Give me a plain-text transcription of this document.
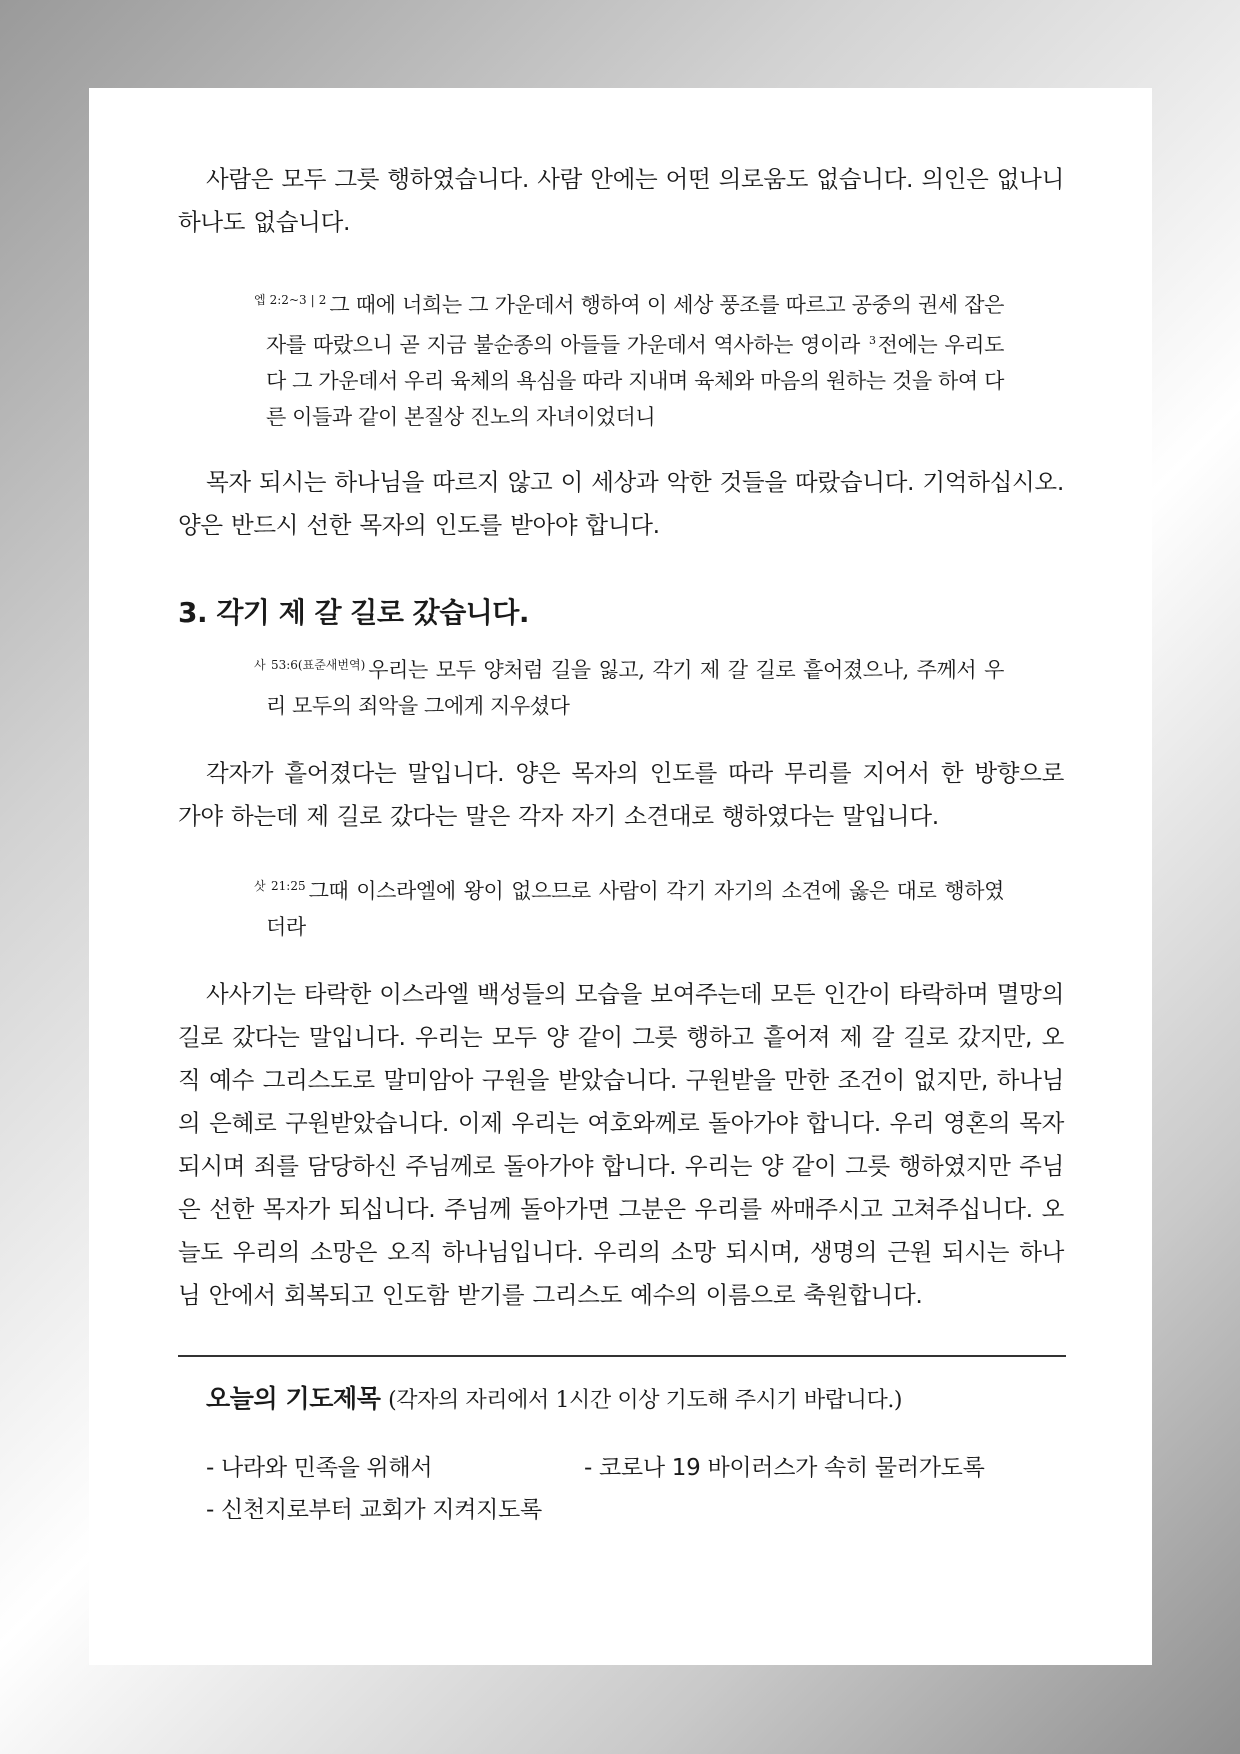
사람은 모두 그릇 행하였습니다. 사람 안에는 어떤 의로움도 없습니다. 의인은 없나니 하나도 없습니다.

$^{엡 2:2\sim 3 | 2}$ 그 때에 너희는 그 가운데서 행하여 이 세상 풍조를 따르고 공중의 권세 잡은 자를 따랐으니 곧 지금 불순종의 아들들 가운데서 역사하는 영이라 $^3$전에는 우리도 다 그 가운데서 우리 육체의 욕심을 따라 지내며 육체와 마음의 원하는 것을 하여 다른 이들과 같이 본질상 진노의 자녀이었더니

목자 되시는 하나님을 따르지 않고 이 세상과 악한 것들을 따랐습니다. 기억하십시오. 양은 반드시 선한 목자의 인도를 받아야 합니다.

3. 각기 제 갈 길로 갔습니다.

$^{사 53:6(표준새번역)}$ 우리는 모두 양처럼 길을 잃고, 각기 제 갈 길로 흩어졌으나, 주께서 우리 모두의 죄악을 그에게 지우셨다

각자가 흩어졌다는 말입니다. 양은 목자의 인도를 따라 무리를 지어서 한 방향으로 가야 하는데 제 길로 갔다는 말은 각자 자기 소견대로 행하였다는 말입니다.

$^{삿 21:25}$ 그때 이스라엘에 왕이 없으므로 사람이 각기 자기의 소견에 옳은 대로 행하였더라

사사기는 타락한 이스라엘 백성들의 모습을 보여주는데 모든 인간이 타락하며 멸망의 길로 갔다는 말입니다. 우리는 모두 양 같이 그릇 행하고 흩어져 제 갈 길로 갔지만, 오직 예수 그리스도로 말미암아 구원을 받았습니다. 구원받을 만한 조건이 없지만, 하나님의 은혜로 구원받았습니다. 이제 우리는 여호와께로 돌아가야 합니다. 우리 영혼의 목자 되시며 죄를 담당하신 주님께로 돌아가야 합니다. 우리는 양 같이 그릇 행하였지만 주님은 선한 목자가 되십니다. 주님께 돌아가면 그분은 우리를 싸매주시고 고쳐주십니다. 오늘도 우리의 소망은 오직 하나님입니다. 우리의 소망 되시며, 생명의 근원 되시는 하나님 안에서 회복되고 인도함 받기를 그리스도 예수의 이름으로 축원합니다.

오늘의 기도제목 (각자의 자리에서 1시간 이상 기도해 주시기 바랍니다.)

- 나라와 민족을 위해서	- 코로나 19 바이러스가 속히 물러가도록
- 신천지로부터 교회가 지켜지도록
